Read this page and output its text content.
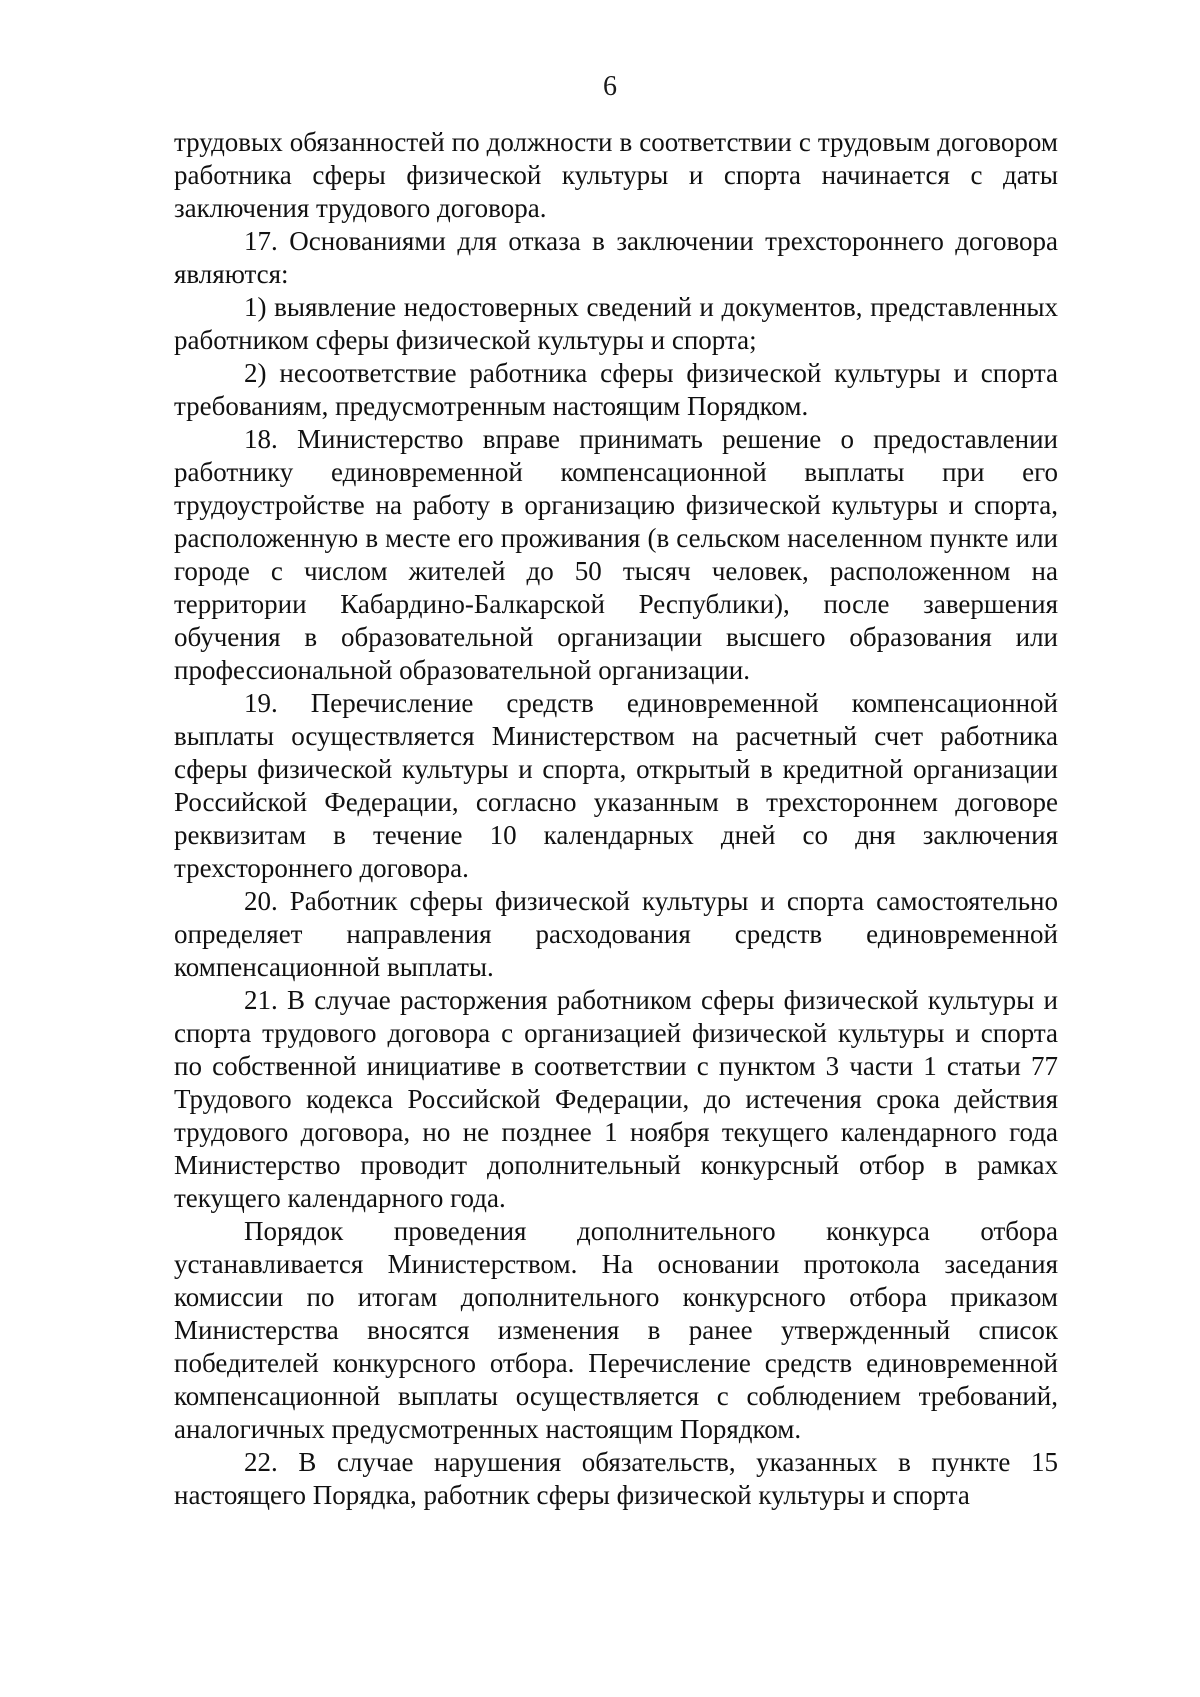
6

трудовых обязанностей по должности в соответствии с трудовым договором работника сферы физической культуры и спорта начинается с даты заключения трудового договора.

17. Основаниями для отказа в заключении трехстороннего договора являются:

1) выявление недостоверных сведений и документов, представленных работником сферы физической культуры и спорта;

2) несоответствие работника сферы физической культуры и спорта требованиям, предусмотренным настоящим Порядком.

18. Министерство вправе принимать решение о предоставлении работнику единовременной компенсационной выплаты при его трудоустройстве на работу в организацию физической культуры и спорта, расположенную в месте его проживания (в сельском населенном пункте или городе с числом жителей до 50 тысяч человек, расположенном на территории Кабардино-Балкарской Республики), после завершения обучения в образовательной организации высшего образования или профессиональной образовательной организации.

19. Перечисление средств единовременной компенсационной выплаты осуществляется Министерством на расчетный счет работника сферы физической культуры и спорта, открытый в кредитной организации Российской Федерации, согласно указанным в трехстороннем договоре реквизитам в течение 10 календарных дней со дня заключения трехстороннего договора.

20. Работник сферы физической культуры и спорта самостоятельно определяет направления расходования средств единовременной компенсационной выплаты.

21. В случае расторжения работником сферы физической культуры и спорта трудового договора с организацией физической культуры и спорта по собственной инициативе в соответствии с пунктом 3 части 1 статьи 77 Трудового кодекса Российской Федерации, до истечения срока действия трудового договора, но не позднее 1 ноября текущего календарного года Министерство проводит дополнительный конкурсный отбор в рамках текущего календарного года.

Порядок проведения дополнительного конкурса отбора устанавливается Министерством. На основании протокола заседания комиссии по итогам дополнительного конкурсного отбора приказом Министерства вносятся изменения в ранее утвержденный список победителей конкурсного отбора. Перечисление средств единовременной компенсационной выплаты осуществляется с соблюдением требований, аналогичных предусмотренных настоящим Порядком.

22. В случае нарушения обязательств, указанных в пункте 15 настоящего Порядка, работник сферы физической культуры и спорта
